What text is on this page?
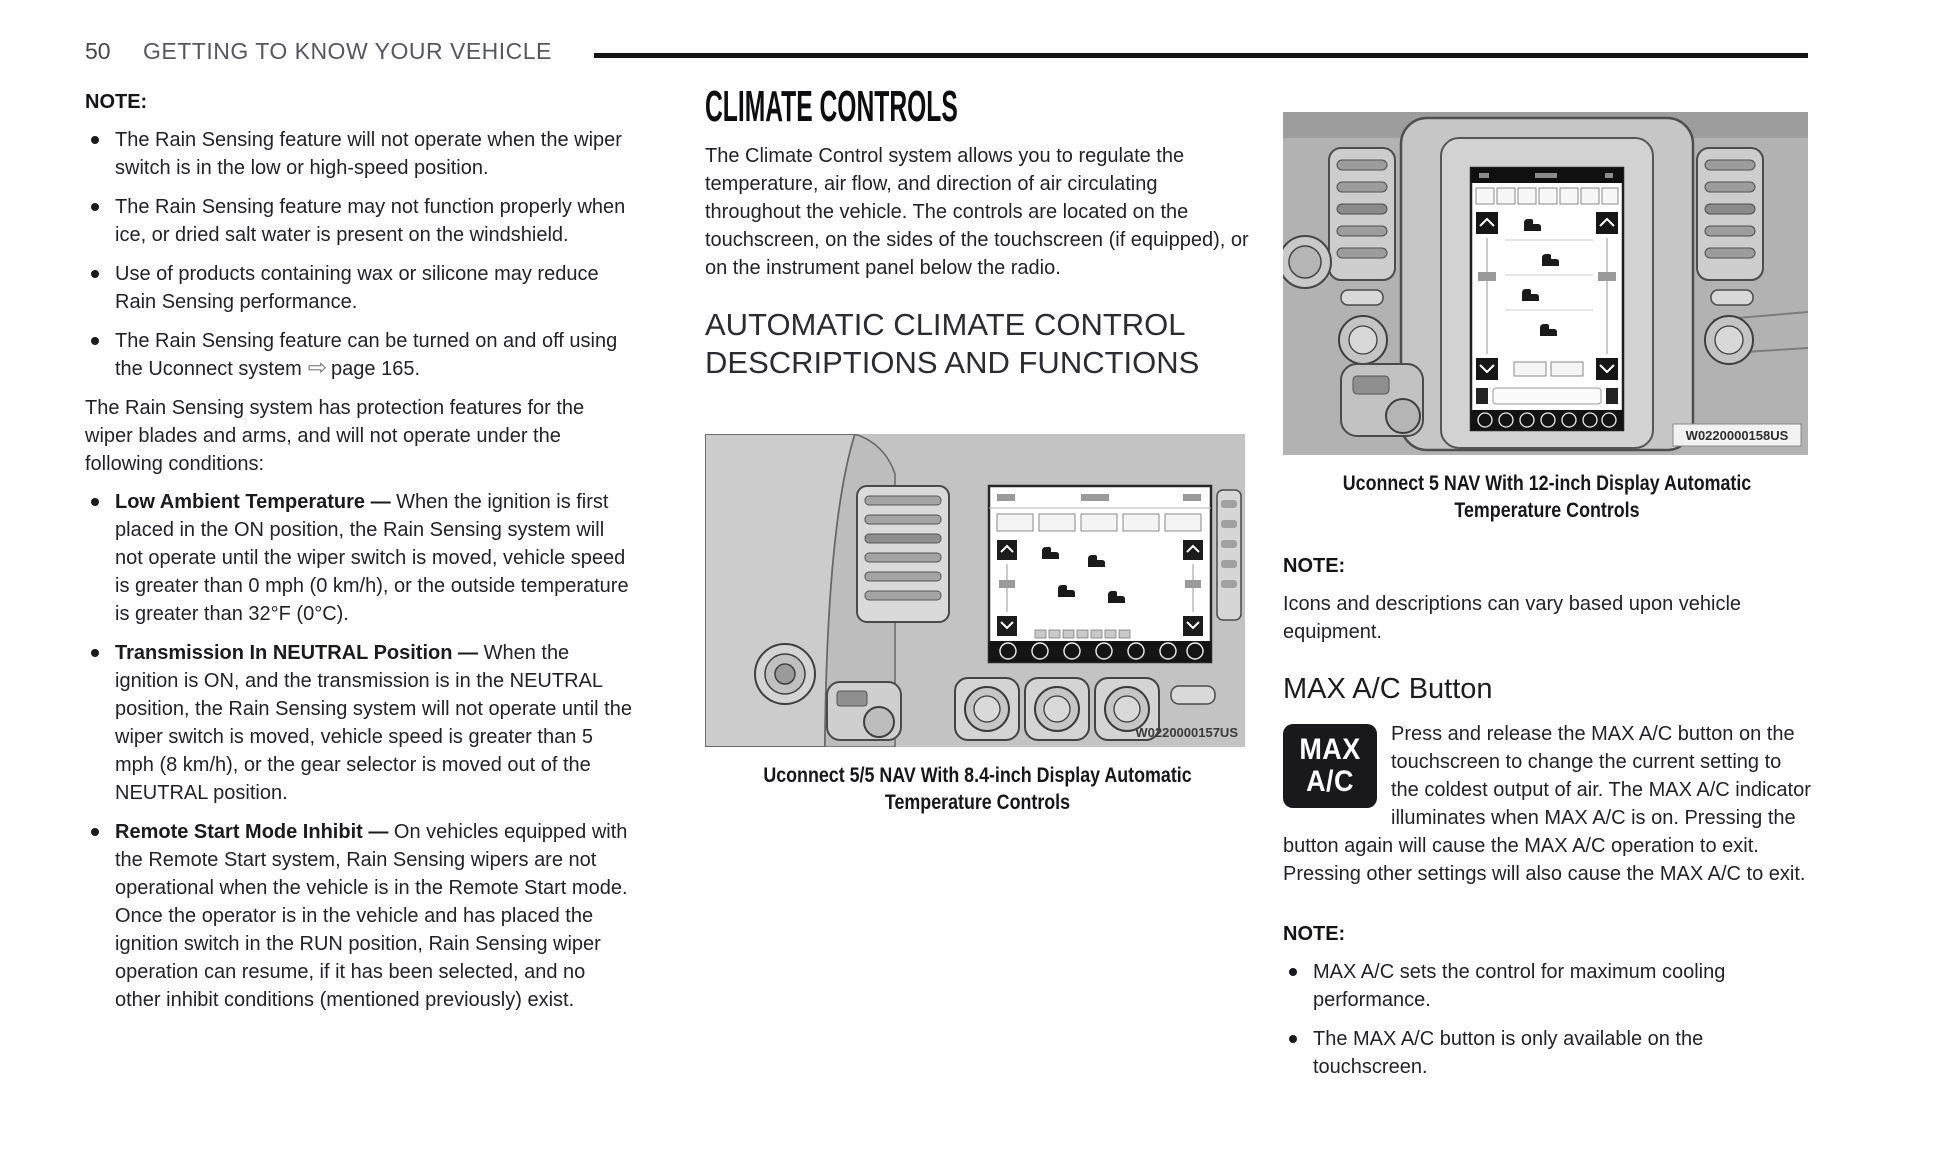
50 GETTING TO KNOW YOUR VEHICLE

NOTE:

The Rain Sensing feature will not operate when the wiper switch is in the low or high-speed position.
The Rain Sensing feature may not function properly when ice, or dried salt water is present on the windshield.
Use of products containing wax or silicone may reduce Rain Sensing performance.
The Rain Sensing feature can be turned on and off using the Uconnect system ⇨ page 165.

The Rain Sensing system has protection features for the wiper blades and arms, and will not operate under the following conditions:

Low Ambient Temperature — When the ignition is first placed in the ON position, the Rain Sensing system will not operate until the wiper switch is moved, vehicle speed is greater than 0 mph (0 km/h), or the outside temperature is greater than 32°F (0°C).
Transmission In NEUTRAL Position — When the ignition is ON, and the transmission is in the NEUTRAL position, the Rain Sensing system will not operate until the wiper switch is moved, vehicle speed is greater than 5 mph (8 km/h), or the gear selector is moved out of the NEUTRAL position.
Remote Start Mode Inhibit — On vehicles equipped with the Remote Start system, Rain Sensing wipers are not operational when the vehicle is in the Remote Start mode. Once the operator is in the vehicle and has placed the ignition switch in the RUN position, Rain Sensing wiper operation can resume, if it has been selected, and no other inhibit conditions (mentioned previously) exist.
CLIMATE CONTROLS

The Climate Control system allows you to regulate the temperature, air flow, and direction of air circulating throughout the vehicle. The controls are located on the touchscreen, on the sides of the touchscreen (if equipped), or on the instrument panel below the radio.

AUTOMATIC CLIMATE CONTROL DESCRIPTIONS AND FUNCTIONS
W0220000157US
Uconnect 5/5 NAV With 8.4-inch Display Automatic Temperature Controls
W0220000158US
Uconnect 5 NAV With 12-inch Display Automatic Temperature Controls

NOTE:

Icons and descriptions can vary based upon vehicle equipment.

MAX A/C Button
MAX
A/C

Press and release the MAX A/C button on the touchscreen to change the current setting to the coldest output of air. The MAX A/C indicator illuminates when MAX A/C is on. Pressing the button again will cause the MAX A/C operation to exit. Pressing other settings will also cause the MAX A/C to exit.

NOTE:

MAX A/C sets the control for maximum cooling performance.
The MAX A/C button is only available on the touchscreen.
